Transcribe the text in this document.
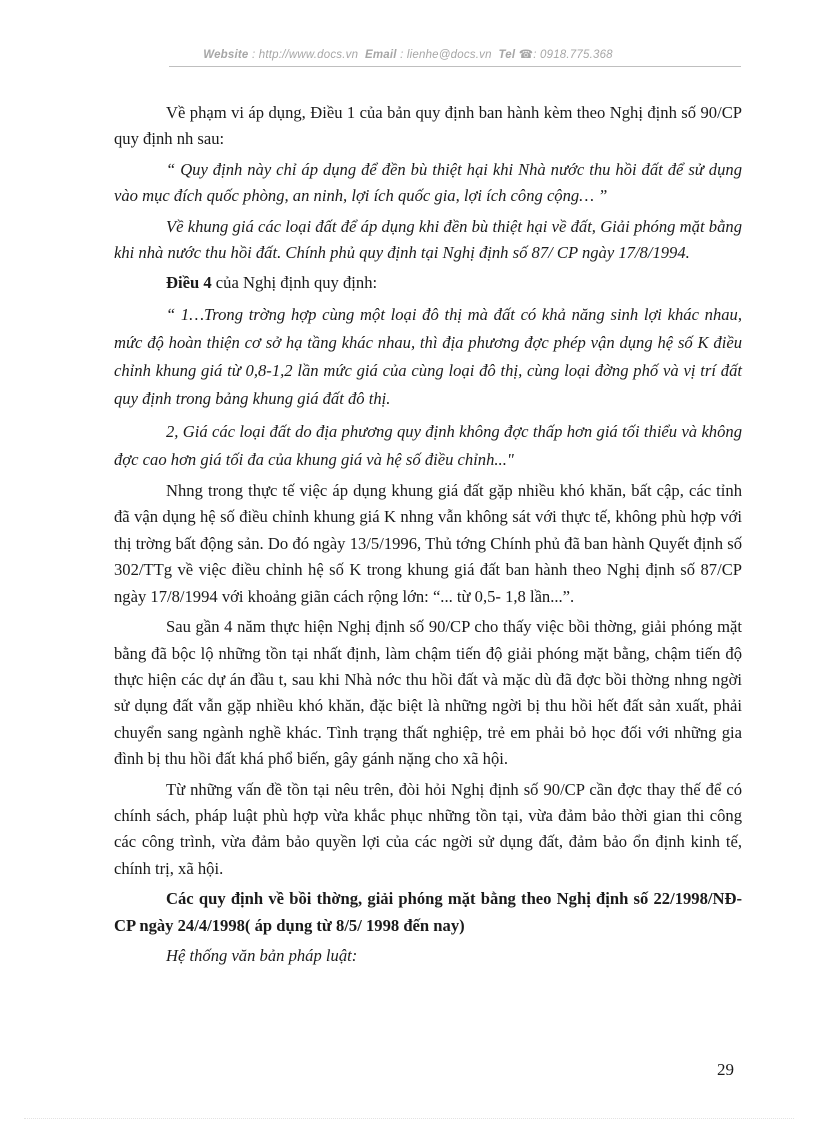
Website : http://www.docs.vn Email : lienhe@docs.vn Tel ☎: 0918.775.368

Về phạm vi áp dụng, Điều 1 của bản quy định ban hành kèm theo Nghị định số 90/CP quy định nh sau:

“ Quy định này chỉ áp dụng để đền bù thiệt hại khi Nhà nước thu hồi đất để sử dụng vào mục đích quốc phòng, an ninh, lợi ích quốc gia, lợi ích công cộng… ”

Về khung giá các loại đất để áp dụng khi đền bù thiệt hại về đất, Giải phóng mặt bằng khi nhà nước thu hồi đất. Chính phủ quy định tại Nghị định số 87/ CP ngày 17/8/1994.

Điều 4 của Nghị định quy định:

“ 1…Trong trờng hợp cùng một loại đô thị mà đất có khả năng sinh lợi khác nhau, mức độ hoàn thiện cơ sở hạ tầng khác nhau, thì địa phương đợc phép vận dụng hệ số K điều chỉnh khung giá từ 0,8-1,2 lần mức giá của cùng loại đô thị, cùng loại đờng phố và vị trí đất quy định trong bảng khung giá đất đô thị.

2, Giá các loại đất do địa phương quy định không đợc thấp hơn giá tối thiểu và không đợc cao hơn giá tối đa của khung giá và hệ số điều chỉnh..."

Nhng trong thực tế việc áp dụng khung giá đất gặp nhiều khó khăn, bất cập, các tỉnh đã vận dụng hệ số điều chỉnh khung giá K nhng vẫn không sát với thực tế, không phù hợp với thị trờng bất động sản. Do đó ngày 13/5/1996, Thủ tớng Chính phủ đã ban hành Quyết định số 302/TTg về việc điều chỉnh hệ số K trong khung giá đất ban hành theo Nghị định số 87/CP ngày 17/8/1994 với khoảng giãn cách rộng lớn: “... từ 0,5- 1,8 lần...”.

Sau gần 4 năm thực hiện Nghị định số 90/CP cho thấy việc bồi thờng, giải phóng mặt bằng đã bộc lộ những tồn tại nhất định, làm chậm tiến độ giải phóng mặt bằng, chậm tiến độ thực hiện các dự án đầu t, sau khi Nhà nớc thu hồi đất và mặc dù đã đợc bồi thờng nhng ngời sử dụng đất vẫn gặp nhiều khó khăn, đặc biệt là những ngời bị thu hồi hết đất sản xuất, phải chuyển sang ngành nghề khác. Tình trạng thất nghiệp, trẻ em phải bỏ học đối với những gia đình bị thu hồi đất khá phổ biến, gây gánh nặng cho xã hội.

Từ những vấn đề tồn tại nêu trên, đòi hỏi Nghị định số 90/CP cần đợc thay thế để có chính sách, pháp luật phù hợp vừa khắc phục những tồn tại, vừa đảm bảo thời gian thi công các công trình, vừa đảm bảo quyền lợi của các ngời sử dụng đất, đảm bảo ổn định kinh tế, chính trị, xã hội.

Các quy định về bồi thờng, giải phóng mặt bằng theo Nghị định số 22/1998/NĐ- CP ngày 24/4/1998( áp dụng từ 8/5/ 1998 đến nay)

Hệ thống văn bản pháp luật:

29
